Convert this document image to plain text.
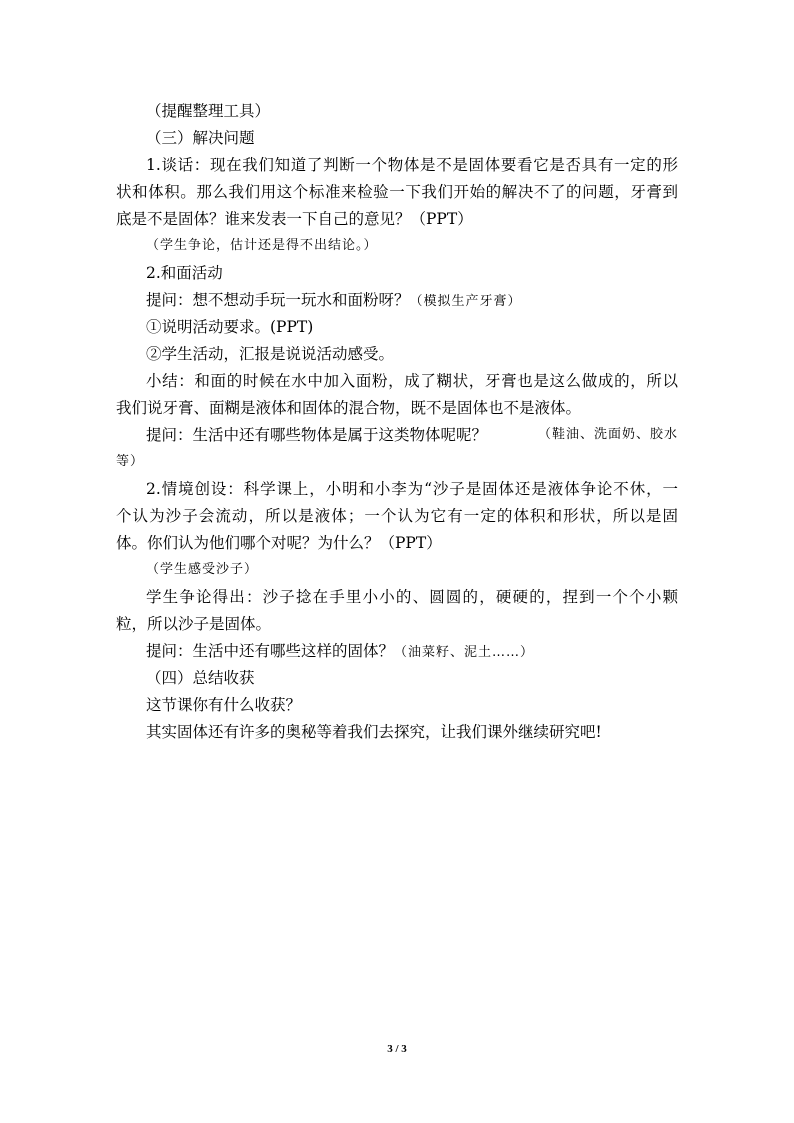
（提醒整理工具）
（三）解决问题
1.谈话：现在我们知道了判断一个物体是不是固体要看它是否具有一定的形
状和体积。那么我们用这个标准来检验一下我们开始的解决不了的问题，牙膏到
底是不是固体？谁来发表一下自己的意见？（PPT）
（学生争论，估计还是得不出结论。）
2.和面活动
提问：想不想动手玩一玩水和面粉呀？（模拟生产牙膏）
①说明活动要求。(PPT)
②学生活动，汇报是说说活动感受。
小结：和面的时候在水中加入面粉，成了糊状，牙膏也是这么做成的，所以
我们说牙膏、面糊是液体和固体的混合物，既不是固体也不是液体。
提问：生活中还有哪些物体是属于这类物体呢呢？	（鞋油、洗面奶、胶水
等）
2.情境创设：科学课上，小明和小李为“沙子是固体还是液体争论不休，一
个认为沙子会流动，所以是液体；一个认为它有一定的体积和形状，所以是固
体。你们认为他们哪个对呢？为什么？（PPT）
（学生感受沙子）
学生争论得出：沙子捻在手里小小的、圆圆的，硬硬的，捏到一个个小颗
粒，所以沙子是固体。
提问：生活中还有哪些这样的固体？（油菜籽、泥土……）
（四）总结收获
这节课你有什么收获？
其实固体还有许多的奥秘等着我们去探究，让我们课外继续研究吧!
3 / 3
